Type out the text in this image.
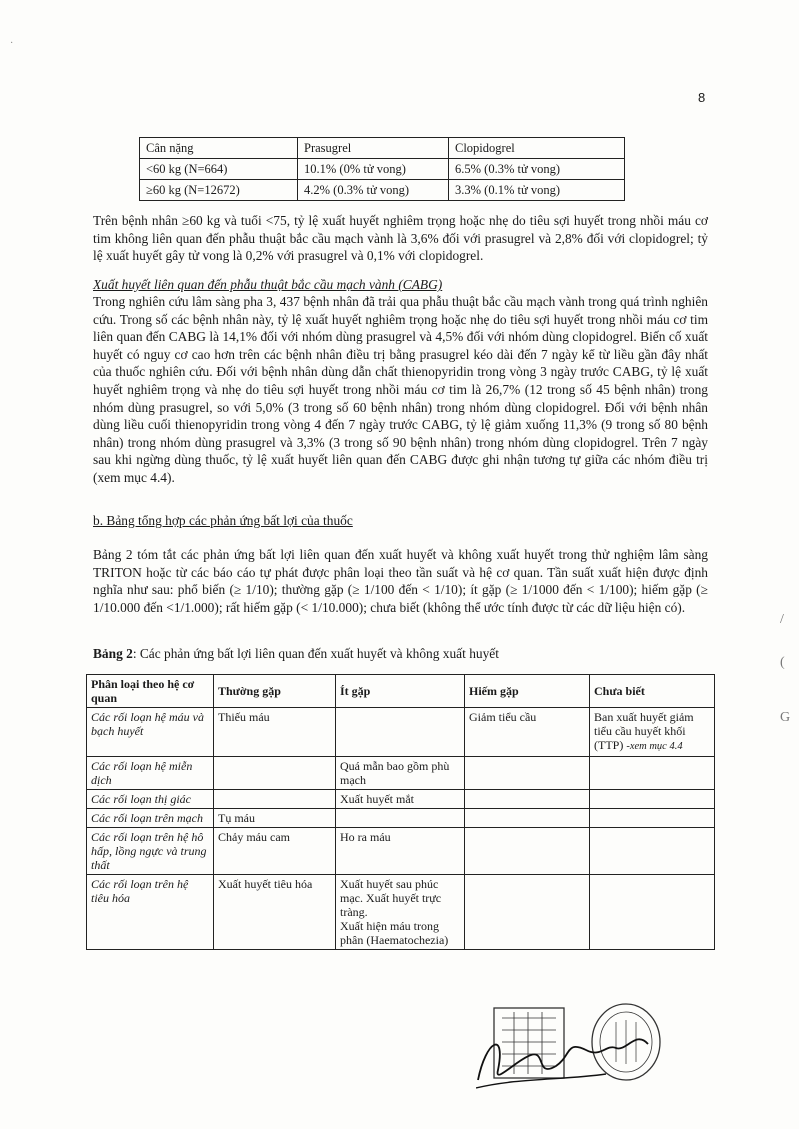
·
/
(
G
8
Cân nặng	Prasugrel	Clopidogrel
<60 kg (N=664)	10.1% (0% tử vong)	6.5% (0.3% tử vong)
≥60 kg (N=12672)	4.2% (0.3% tử vong)	3.3% (0.1% tử vong)

Trên bệnh nhân ≥60 kg và tuổi <75, tỷ lệ xuất huyết nghiêm trọng hoặc nhẹ do tiêu sợi huyết trong nhồi máu cơ tim không liên quan đến phẫu thuật bắc cầu mạch vành là 3,6% đối với prasugrel và 2,8% đối với clopidogrel; tỷ lệ xuất huyết gây tử vong là 0,2% với prasugrel và 0,1% với clopidogrel.

Xuất huyết liên quan đến phẫu thuật bắc cầu mạch vành (CABG)

Trong nghiên cứu lâm sàng pha 3, 437 bệnh nhân đã trải qua phẫu thuật bắc cầu mạch vành trong quá trình nghiên cứu. Trong số các bệnh nhân này, tỷ lệ xuất huyết nghiêm trọng hoặc nhẹ do tiêu sợi huyết trong nhồi máu cơ tim liên quan đến CABG là 14,1% đối với nhóm dùng prasugrel và 4,5% đối với nhóm dùng clopidogrel. Biến cố xuất huyết có nguy cơ cao hơn trên các bệnh nhân điều trị bằng prasugrel kéo dài đến 7 ngày kể từ liều gần đây nhất của thuốc nghiên cứu. Đối với bệnh nhân dùng dẫn chất thienopyridin trong vòng 3 ngày trước CABG, tỷ lệ xuất huyết nghiêm trọng và nhẹ do tiêu sợi huyết trong nhồi máu cơ tim là 26,7% (12 trong số 45 bệnh nhân) trong nhóm dùng prasugrel, so với 5,0% (3 trong số 60 bệnh nhân) trong nhóm dùng clopidogrel. Đối với bệnh nhân dùng liều cuối thienopyridin trong vòng 4 đến 7 ngày trước CABG, tỷ lệ giảm xuống 11,3% (9 trong số 80 bệnh nhân) trong nhóm dùng prasugrel và 3,3% (3 trong số 90 bệnh nhân) trong nhóm dùng clopidogrel. Trên 7 ngày sau khi ngừng dùng thuốc, tỷ lệ xuất huyết liên quan đến CABG được ghi nhận tương tự giữa các nhóm điều trị (xem mục 4.4).

b. Bảng tổng hợp các phản ứng bất lợi của thuốc

Bảng 2 tóm tắt các phản ứng bất lợi liên quan đến xuất huyết và không xuất huyết trong thử nghiệm lâm sàng TRITON hoặc từ các báo cáo tự phát được phân loại theo tần suất và hệ cơ quan. Tần suất xuất hiện được định nghĩa như sau: phổ biến (≥ 1/10); thường gặp (≥ 1/100 đến < 1/10); ít gặp (≥ 1/1000 đến < 1/100); hiếm gặp (≥ 1/10.000 đến <1/1.000); rất hiếm gặp (< 1/10.000); chưa biết (không thể ước tính được từ các dữ liệu hiện có).

Bảng 2: Các phản ứng bất lợi liên quan đến xuất huyết và không xuất huyết

Phân loại theo hệ cơ quan	Thường gặp	Ít gặp	Hiếm gặp	Chưa biết
Các rối loạn hệ máu và bạch huyết	Thiếu máu		Giảm tiểu cầu	Ban xuất huyết giảm tiểu cầu huyết khối (TTP) -xem mục 4.4
Các rối loạn hệ miễn dịch		Quá mẫn bao gồm phù mạch		
Các rối loạn thị giác		Xuất huyết mắt		
Các rối loạn trên mạch	Tụ máu			
Các rối loạn trên hệ hô hấp, lồng ngực và trung thất	Chảy máu cam	Ho ra máu		
Các rối loạn trên hệ tiêu hóa	Xuất huyết tiêu hóa	Xuất huyết sau phúc mạc. Xuất huyết trực tràng.
Xuất hiện máu trong phân (Haematochezia)		
